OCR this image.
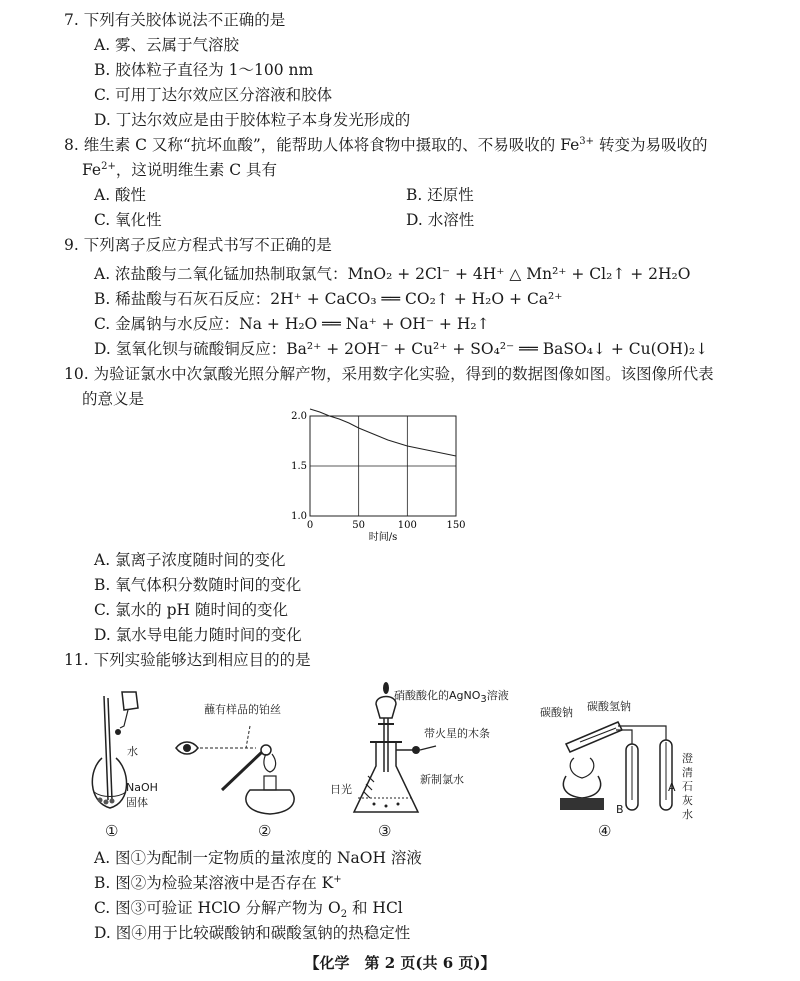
7. 下列有关胶体说法不正确的是
A. 雾、云属于气溶胶
B. 胶体粒子直径为 1～100 nm
C. 可用丁达尔效应区分溶液和胶体
D. 丁达尔效应是由于胶体粒子本身发光形成的
8. 维生素 C 又称“抗坏血酸”，能帮助人体将食物中摄取的、不易吸收的 $Fe^{3+}$ 转变为易吸收的
$Fe^{2+}$，这说明维生素 C 具有
A. 酸性	B. 还原性
C. 氧化性	D. 水溶性
9. 下列离子反应方程式书写不正确的是
A. 浓盐酸与二氧化锰加热制取氯气：MnO₂ + 2Cl⁻ + 4H⁺ △ Mn²⁺ + Cl₂↑ + 2H₂O
B. 稀盐酸与石灰石反应：2H⁺ + CaCO₃ ══ CO₂↑ + H₂O + Ca²⁺
C. 金属钠与水反应：Na + H₂O ══ Na⁺ + OH⁻ + H₂↑
D. 氢氧化钡与硫酸铜反应：Ba²⁺ + 2OH⁻ + Cu²⁺ + SO₄²⁻ ══ BaSO₄↓ + Cu(OH)₂↓
10. 为验证氯水中次氯酸光照分解产物，采用数字化实验，得到的数据图像如图。该图像所代表
的意义是
0	50	100	150
1.0
1.5
2.0
时间/s
A. 氯离子浓度随时间的变化
B. 氧气体积分数随时间的变化
C. 氯水的 pH 随时间的变化
D. 氯水导电能力随时间的变化
11. 下列实验能够达到相应目的的是
水
NaOH
固体
蘸有样品的铂丝
硝酸酸化的AgNO$_3$溶液
带火星的木条
新制氯水
日光
碳酸钠 碳酸氢钠
澄清石灰水
B
A
①	②	③	④
A. 图①为配制一定物质的量浓度的 NaOH 溶液
B. 图②为检验某溶液中是否存在 K+
C. 图③可验证 HClO 分解产物为 $O_2$ 和 HCl
D. 图④用于比较碳酸钠和碳酸氢钠的热稳定性
【化学　第 2 页(共 6 页)】
